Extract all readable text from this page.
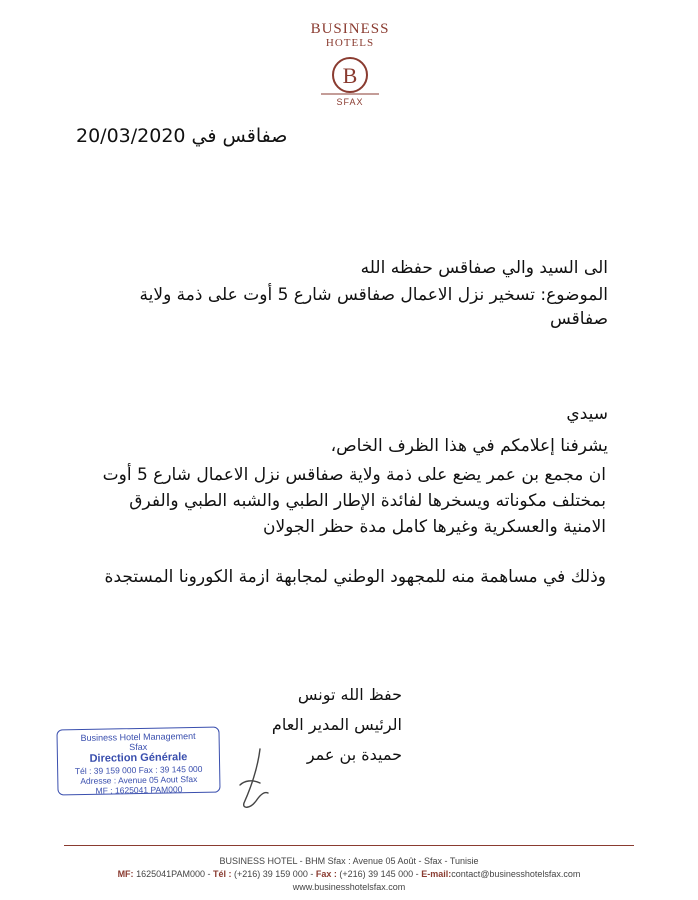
BUSINESS
HOTELS
B
SFAX
صفاقس في 20/03/2020
الى السيد والي صفاقس حفظه الله
الموضوع: تسخير نزل الاعمال صفاقس شارع 5 أوت على ذمة ولاية صفاقس
سيدي
يشرفنا إعلامكم في هذا الظرف الخاص،
ان مجمع بن عمر يضع على ذمة ولاية صفاقس نزل الاعمال شارع 5 أوت بمختلف مكوناته ويسخرها لفائدة الإطار الطبي والشبه الطبي والفرق الامنية والعسكرية وغيرها كامل مدة حظر الجولان
وذلك في مساهمة منه للمجهود الوطني لمجابهة ازمة الكورونا المستجدة
حفظ الله تونس
الرئيس المدير العام
حميدة بن عمر
Business Hotel Management
Sfax
Direction Générale
Tél : 39 159 000 Fax : 39 145 000
Adresse : Avenue 05 Aout Sfax
MF : 1625041 PAM000
BUSINESS HOTEL - BHM Sfax : Avenue 05 Août - Sfax - Tunisie
MF: 1625041PAM000 - Tél : (+216) 39 159 000 - Fax : (+216) 39 145 000 - E-mail:contact@businesshotelsfax.com
www.businesshotelsfax.com
